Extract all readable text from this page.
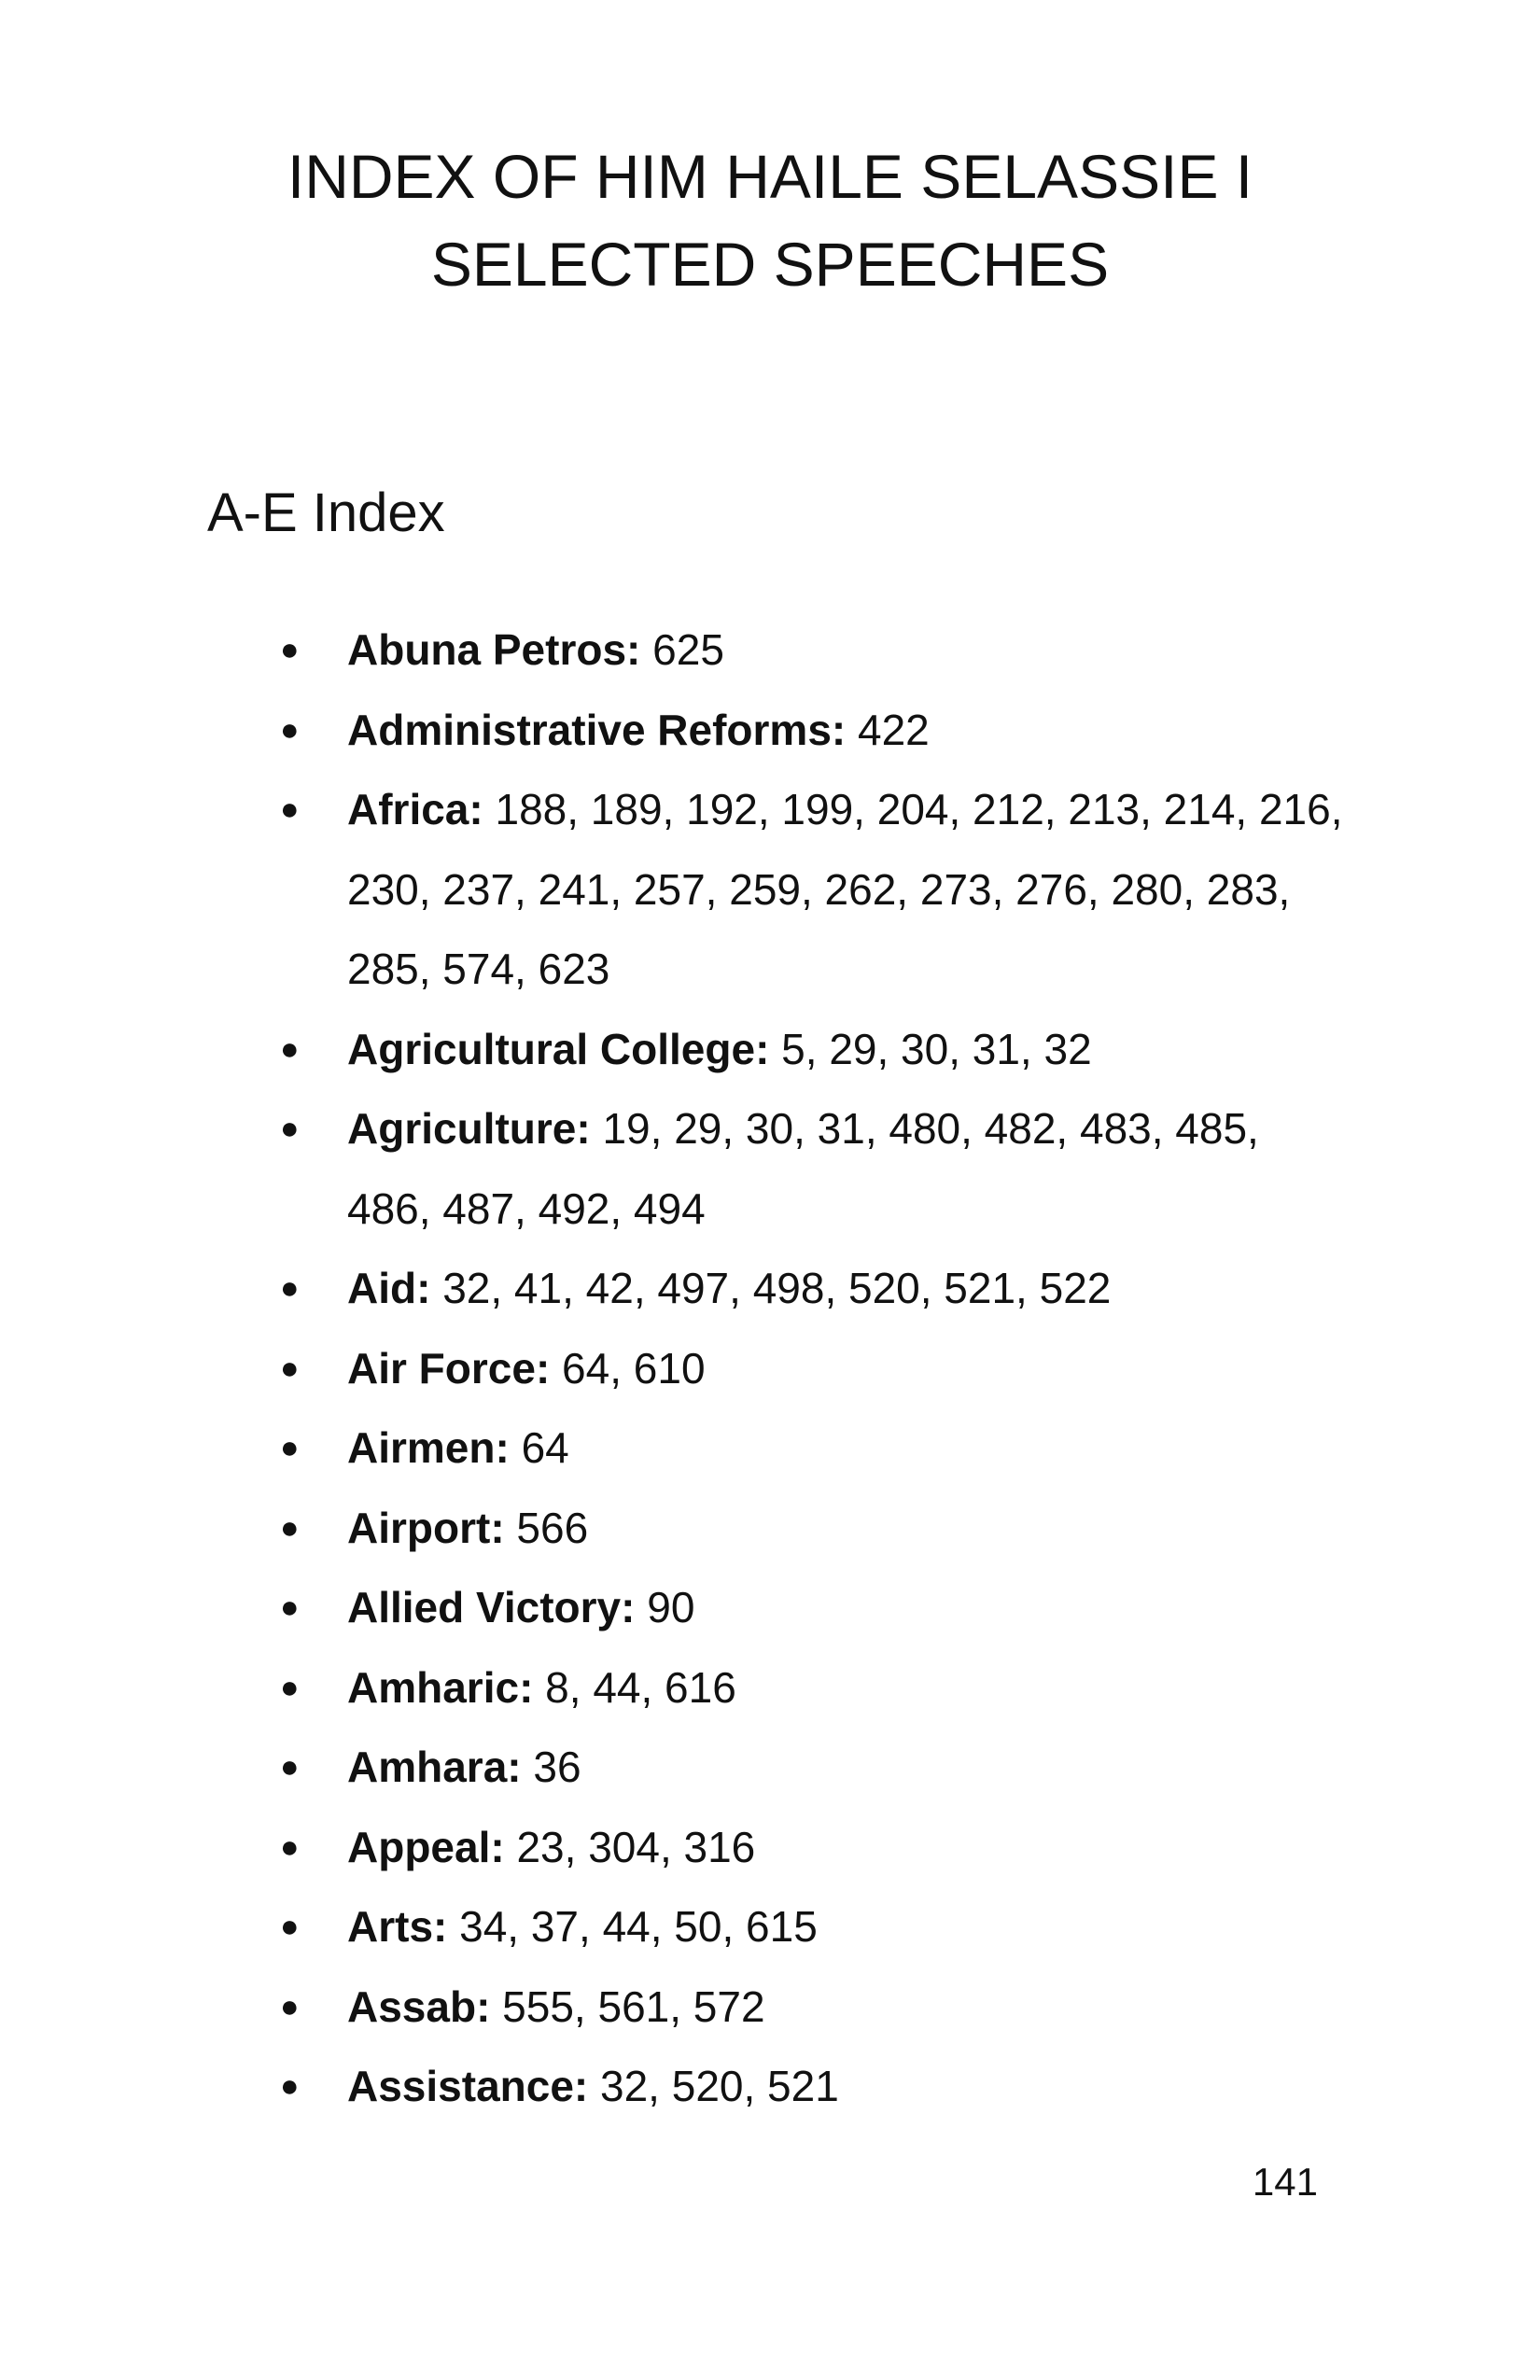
INDEX OF HIM HAILE SELASSIE I
SELECTED SPEECHES
A-E Index
●	Abuna Petros: 625
●	Administrative Reforms: 422
●	Africa: 188, 189, 192, 199, 204, 212, 213, 214, 216, 230, 237, 241, 257, 259, 262, 273, 276, 280, 283, 285, 574, 623
●	Agricultural College: 5, 29, 30, 31, 32
●	Agriculture: 19, 29, 30, 31, 480, 482, 483, 485, 486, 487, 492, 494
●	Aid: 32, 41, 42, 497, 498, 520, 521, 522
●	Air Force: 64, 610
●	Airmen: 64
●	Airport: 566
●	Allied Victory: 90
●	Amharic: 8, 44, 616
●	Amhara: 36
●	Appeal: 23, 304, 316
●	Arts: 34, 37, 44, 50, 615
●	Assab: 555, 561, 572
●	Assistance: 32, 520, 521
141
